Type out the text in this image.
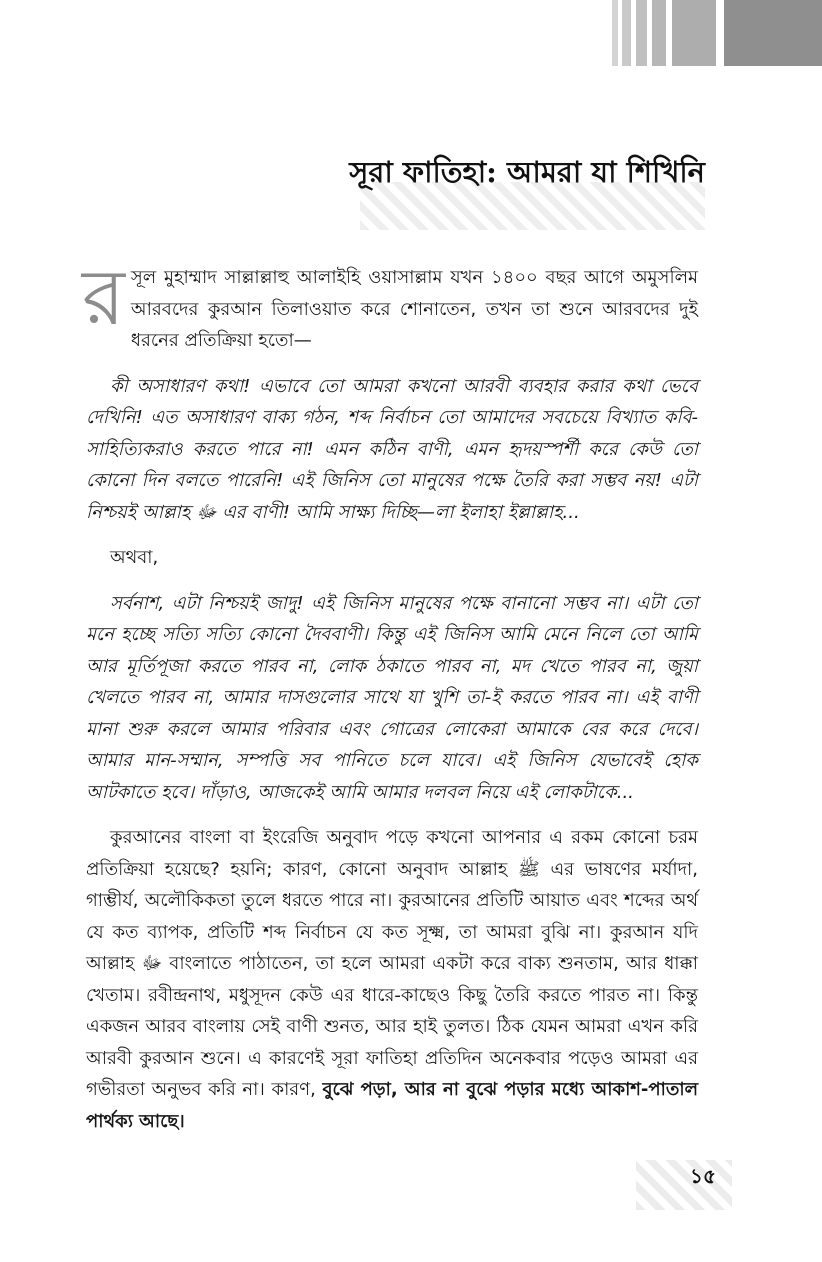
সূরা ফাতিহা: আমরা যা শিখিনি

রসূল মুহাম্মাদ সাল্লাল্লাহু আলাইহি ওয়াসাল্লাম যখন ১৪০০ বছর আগে অমুসলিম আরবদের কুরআন তিলাওয়াত করে শোনাতেন, তখন তা শুনে আরবদের দুই ধরনের প্রতিক্রিয়া হতো—

কী অসাধারণ কথা! এভাবে তো আমরা কখনো আরবী ব্যবহার করার কথা ভেবে দেখিনি! এত অসাধারণ বাক্য গঠন, শব্দ নির্বাচন তো আমাদের সবচেয়ে বিখ্যাত কবি-সাহিত্যিকরাও করতে পারে না! এমন কঠিন বাণী, এমন হৃদয়স্পর্শী করে কেউ তো কোনো দিন বলতে পারেনি! এই জিনিস তো মানুষের পক্ষে তৈরি করা সম্ভব নয়! এটা নিশ্চয়ই আল্লাহ ﷻ এর বাণী! আমি সাক্ষ্য দিচ্ছি—লা ইলাহা ইল্লাল্লাহ...

অথবা,

সর্বনাশ, এটা নিশ্চয়ই জাদু! এই জিনিস মানুষের পক্ষে বানানো সম্ভব না। এটা তো মনে হচ্ছে সত্যি সত্যি কোনো দৈববাণী। কিন্তু এই জিনিস আমি মেনে নিলে তো আমি আর মূর্তিপূজা করতে পারব না, লোক ঠকাতে পারব না, মদ খেতে পারব না, জুয়া খেলতে পারব না, আমার দাসগুলোর সাথে যা খুশি তা-ই করতে পারব না। এই বাণী মানা শুরু করলে আমার পরিবার এবং গোত্রের লোকেরা আমাকে বের করে দেবে। আমার মান-সম্মান, সম্পত্তি সব পানিতে চলে যাবে। এই জিনিস যেভাবেই হোক আটকাতে হবে। দাঁড়াও, আজকেই আমি আমার দলবল নিয়ে এই লোকটাকে...

কুরআনের বাংলা বা ইংরেজি অনুবাদ পড়ে কখনো আপনার এ রকম কোনো চরম প্রতিক্রিয়া হয়েছে? হয়নি; কারণ, কোনো অনুবাদ আল্লাহ ﷺ এর ভাষণের মর্যাদা, গাম্ভীর্য, অলৌকিকতা তুলে ধরতে পারে না। কুরআনের প্রতিটি আয়াত এবং শব্দের অর্থ যে কত ব্যাপক, প্রতিটি শব্দ নির্বাচন যে কত সূক্ষ্ম, তা আমরা বুঝি না। কুরআন যদি আল্লাহ ﷻ বাংলাতে পাঠাতেন, তা হলে আমরা একটা করে বাক্য শুনতাম, আর ধাক্কা খেতাম। রবীন্দ্রনাথ, মধুসূদন কেউ এর ধারে-কাছেও কিছু তৈরি করতে পারত না। কিন্তু একজন আরব বাংলায় সেই বাণী শুনত, আর হাই তুলত। ঠিক যেমন আমরা এখন করি আরবী কুরআন শুনে। এ কারণেই সূরা ফাতিহা প্রতিদিন অনেকবার পড়েও আমরা এর গভীরতা অনুভব করি না। কারণ, বুঝে পড়া, আর না বুঝে পড়ার মধ্যে আকাশ-পাতাল পার্থক্য আছে।

১৫
